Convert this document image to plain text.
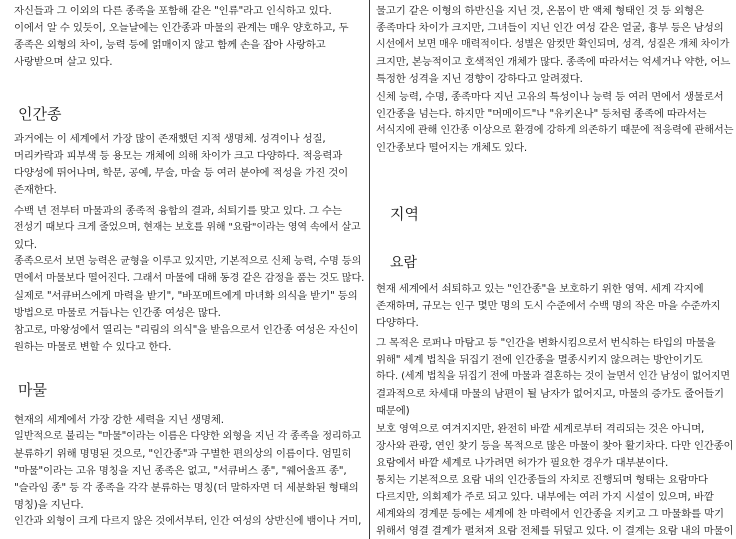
자신들과 그 이외의 다른 종족을 포함해 같은 "인류"라고 인식하고 있다.
이에서 알 수 있듯이, 오늘날에는 인간종과 마물의 관계는 매우 양호하고, 두
종족은 외형의 차이, 능력 등에 얽매이지 않고 함께 손을 잡아 사랑하고
사랑받으며 살고 있다.
인간종
과거에는 이 세계에서 가장 많이 존재했던 지적 생명체. 성격이나 성질,
머리카락과 피부색 등 용모는 개체에 의해 차이가 크고 다양하다. 적응력과
다양성에 뛰어나며, 학문, 공예, 무술, 마술 등 여러 분야에 적성을 가진 것이
존재한다.
수백 년 전부터 마물과의 종족적 융합의 결과, 쇠퇴기를 맞고 있다. 그 수는
전성기 때보다 크게 줄었으며, 현재는 보호를 위해 "요람"이라는 영역 속에서 살고
있다.
종족으로서 보면 능력은 균형을 이루고 있지만, 기본적으로 신체 능력, 수명 등의
면에서 마물보다 떨어진다. 그래서 마물에 대해 동경 같은 감정을 품는 것도 많다.
실제로 "서큐버스에게 마력을 받기", "바포메트에게 마녀화 의식을 받기" 등의
방법으로 마물로 거듭나는 인간종 여성은 많다.
참고로, 마왕성에서 열리는 "리림의 의식"을 받음으로서 인간종 여성은 자신이
원하는 마물로 변할 수 있다고 한다.
마물
현재의 세계에서 가장 강한 세력을 지닌 생명체.
일반적으로 불리는 "마물"이라는 이름은 다양한 외형을 지닌 각 종족을 정리하고
분류하기 위해 명명된 것으로, "인간종"과 구별한 편의상의 이름이다. 엄밀히
"마물"이라는 고유 명칭을 지닌 종족은 없고, "서큐버스 종", "웨어울프 종",
"슬라임 종" 등 각 종족을 각각 분류하는 명칭(더 말하자면 더 세분화된 형태의
명칭)을 지닌다.
인간과 외형이 크게 다르지 않은 것에서부터, 인간 여성의 상반신에 뱀이나 거미,
물고기 같은 이형의 하반신을 지닌 것, 온몸이 반 액체 형태인 것 등 외형은
종족마다 차이가 크지만, 그녀들이 지닌 인간 여성 같은 얼굴, 흉부 등은 남성의
시선에서 보면 매우 매력적이다. 성별은 암컷만 확인되며, 성격, 성질은 개체 차이가
크지만, 본능적이고 호색적인 개체가 많다. 종족에 따라서는 억세거나 약한, 어느
특정한 성격을 지닌 경향이 강하다고 알려졌다.
신체 능력, 수명, 종족마다 지닌 고유의 특성이나 능력 등 여러 면에서 생물로서
인간종을 넘는다. 하지만 "머메이드"나 "유키온나" 등처럼 종족에 따라서는
서식지에 관해 인간종 이상으로 환경에 강하게 의존하기 때문에 적응력에 관해서는
인간종보다 떨어지는 개체도 있다.
지역
요람
현재 세계에서 쇠퇴하고 있는 "인간종"을 보호하기 위한 영역. 세계 각지에
존재하며, 규모는 인구 몇만 명의 도시 수준에서 수백 명의 작은 마을 수준까지
다양하다.
그 목적은 로퍼나 마탐고 등 "인간을 변화시킴으로서 번식하는 타입의 마물을
위해" 세계 법칙을 뒤집기 전에 인간종을 멸종시키지 않으려는 방안이기도
하다. (세계 법칙을 뒤집기 전에 마물과 결혼하는 것이 늘면서 인간 남성이 없어지면
결과적으로 차세대 마물의 남편이 될 남자가 없어지고, 마물의 증가도 줄어들기
때문에)
보호 영역으로 여겨지지만, 완전히 바깥 세계로부터 격리되는 것은 아니며,
장사와 관광, 연인 찾기 등을 목적으로 많은 마물이 찾아 활기차다. 다만 인간종이
요람에서 바깥 세계로 나가려면 허가가 필요한 경우가 대부분이다.
통치는 기본적으로 요람 내의 인간종들의 자치로 진행되며 형태는 요람마다
다르지만, 의회제가 주로 되고 있다. 내부에는 여러 가지 시설이 있으며, 바깥
세계와의 경계문 등에는 세계에 찬 마력에서 인간종을 지키고 그 마물화를 막기
위해서 영결 결계가 펼쳐져 요람 전체를 뒤덮고 있다. 이 결계는 요람 내의 마물이
